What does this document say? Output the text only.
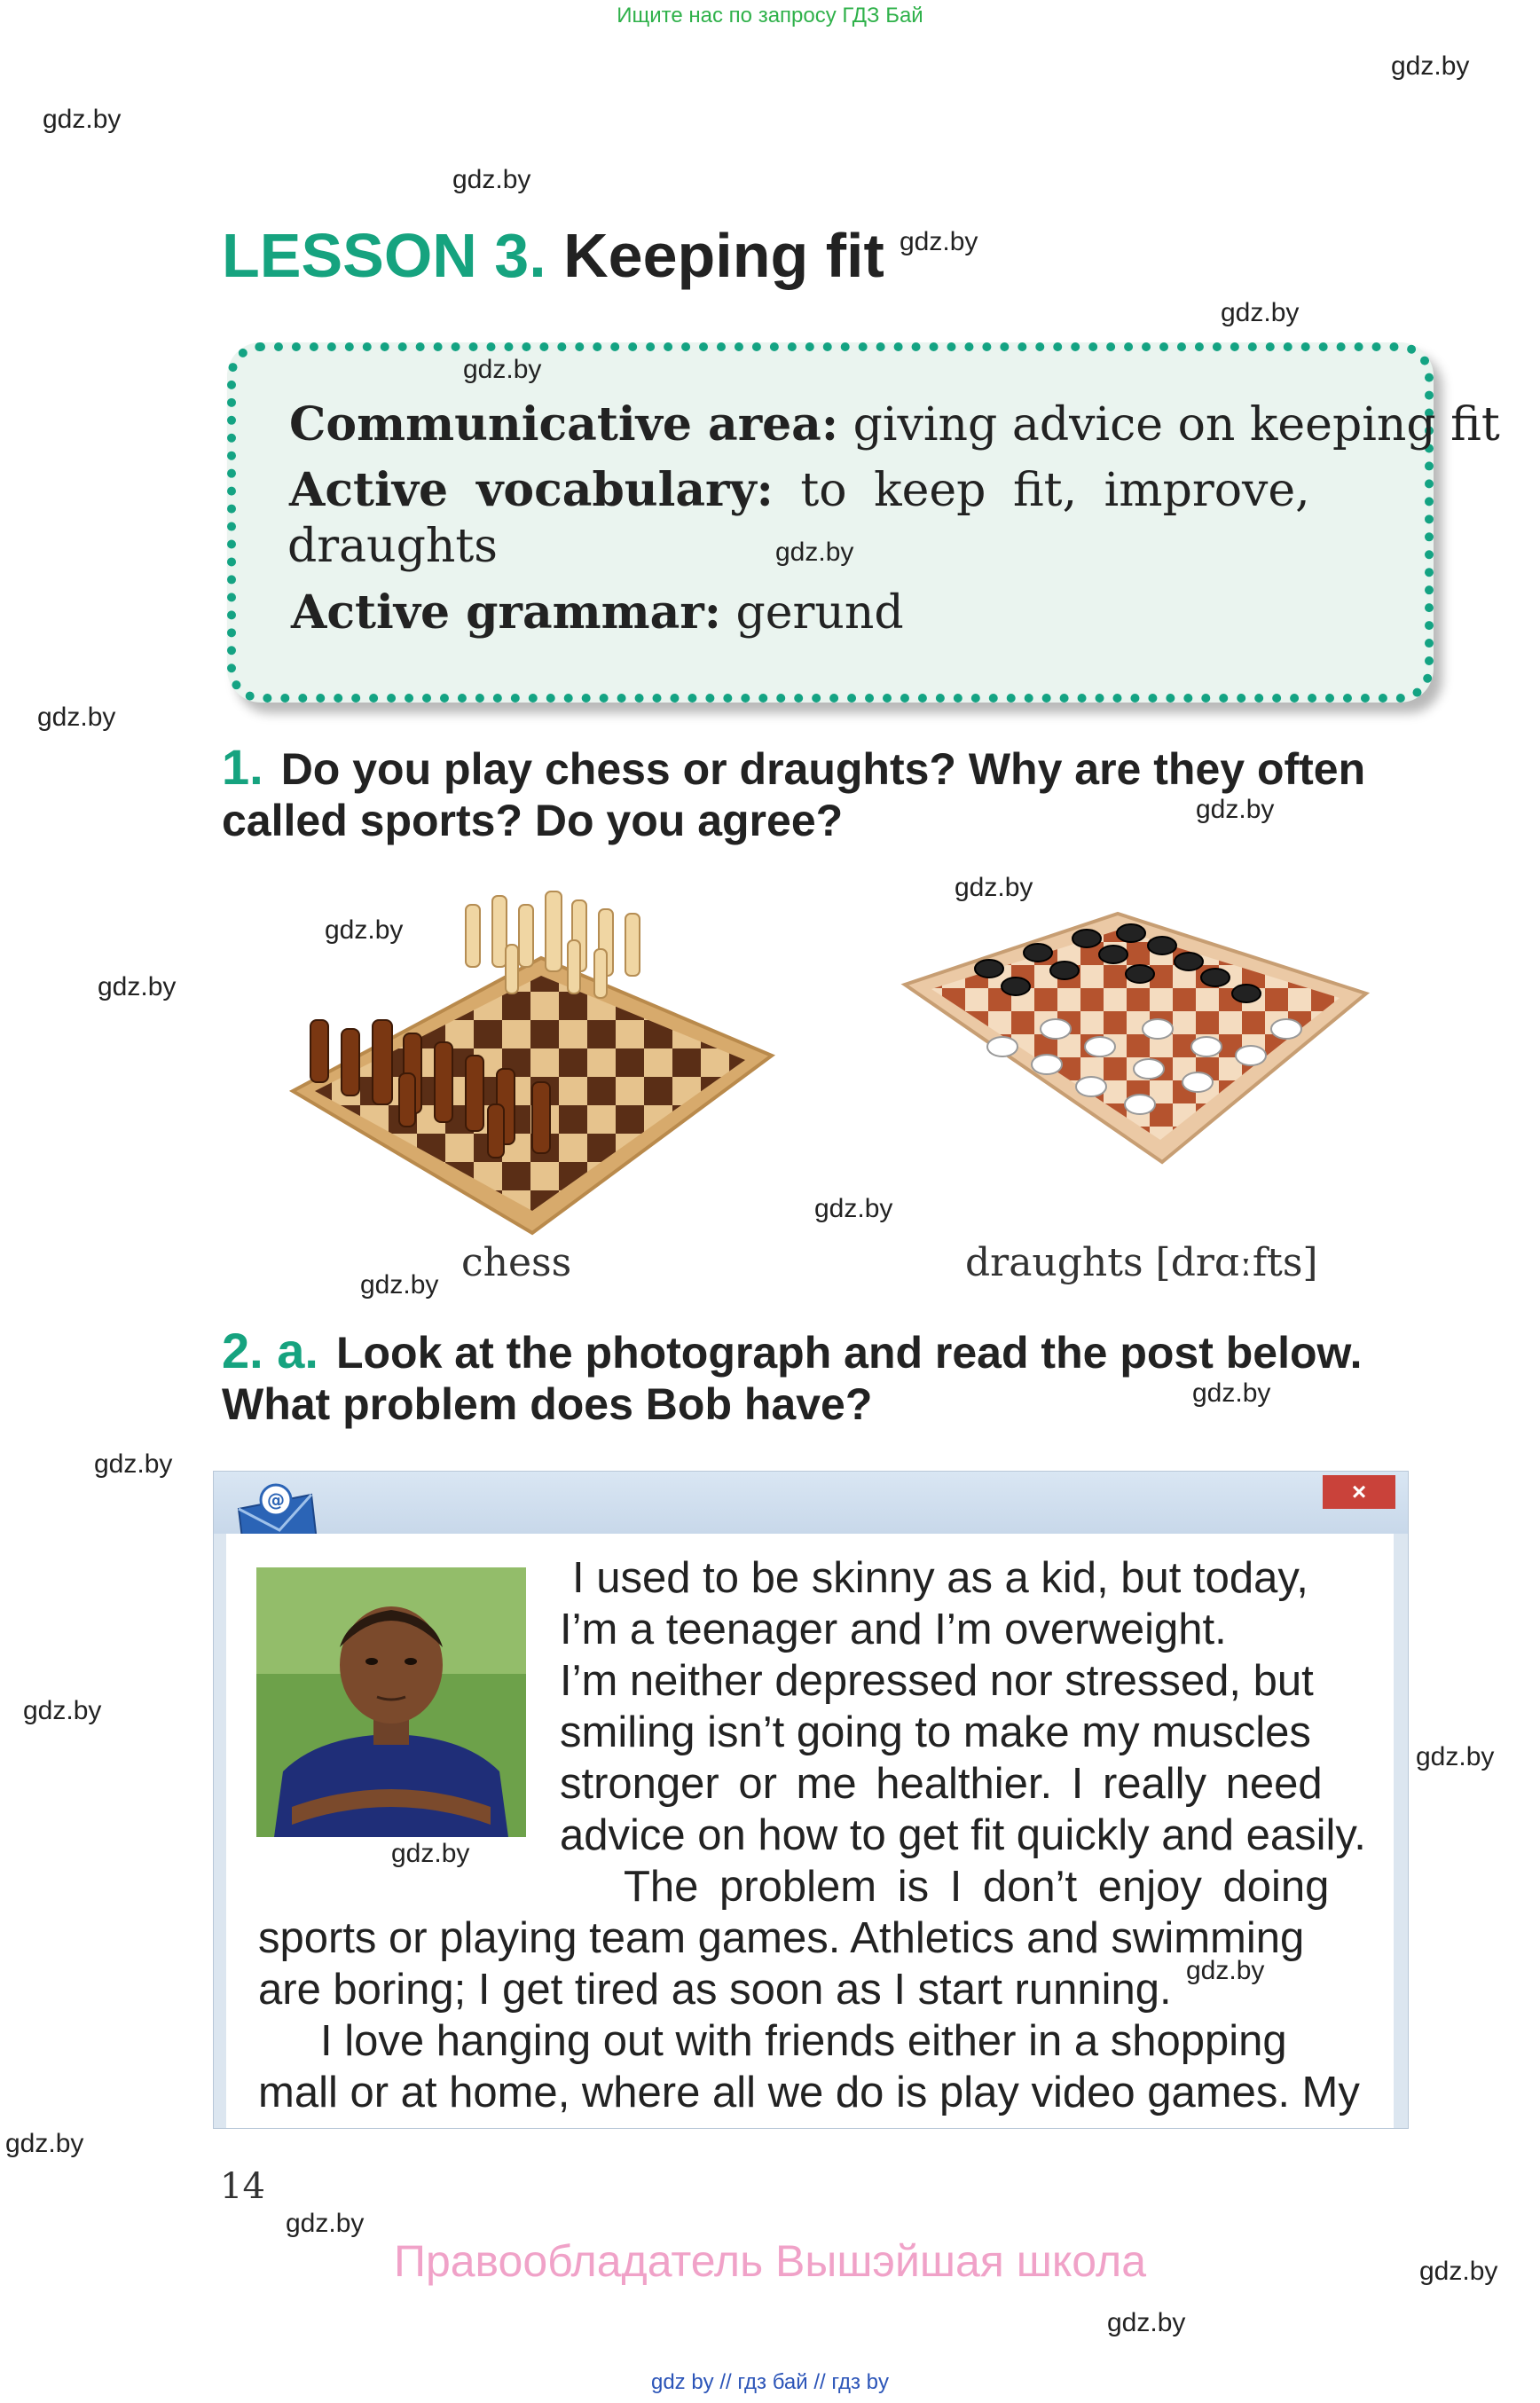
Ищите нас по запросу ГДЗ Бай
gdz.by
gdz.by
gdz.by
gdz.by
gdz.by
gdz.by
gdz.by
gdz.by
gdz.by
gdz.by
gdz.by
gdz.by
gdz.by
gdz.by
gdz.by
gdz.by
gdz.by
gdz.by
gdz.by
gdz.by
LESSON 3. Keeping fit
gdz.by
gdz.by
Communicative area: giving advice on keeping fit
Active vocabulary: to keep fit, improve,
draughts
Active grammar: gerund
1. Do you play chess or draughts? Why are they often
called sports? Do you agree?
chess	draughts [drɑːfts]
2. a. Look at the photograph and read the post below.
What problem does Bob have?
@	×
gdz.by
gdz.by
I used to be skinny as a kid, but today,
I’m a teenager and I’m overweight.
I’m neither depressed nor stressed, but
smiling isn’t going to make my muscles
stronger or me healthier. I really need
advice on how to get fit quickly and easily.
The problem is I don’t enjoy doing
sports or playing team games. Athletics and swimming
are boring; I get tired as soon as I start running.
I love hanging out with friends either in a shopping
mall or at home, where all we do is play video games. My
14
Правообладатель Вышэйшая школа
gdz by // гдз бай // гдз by
